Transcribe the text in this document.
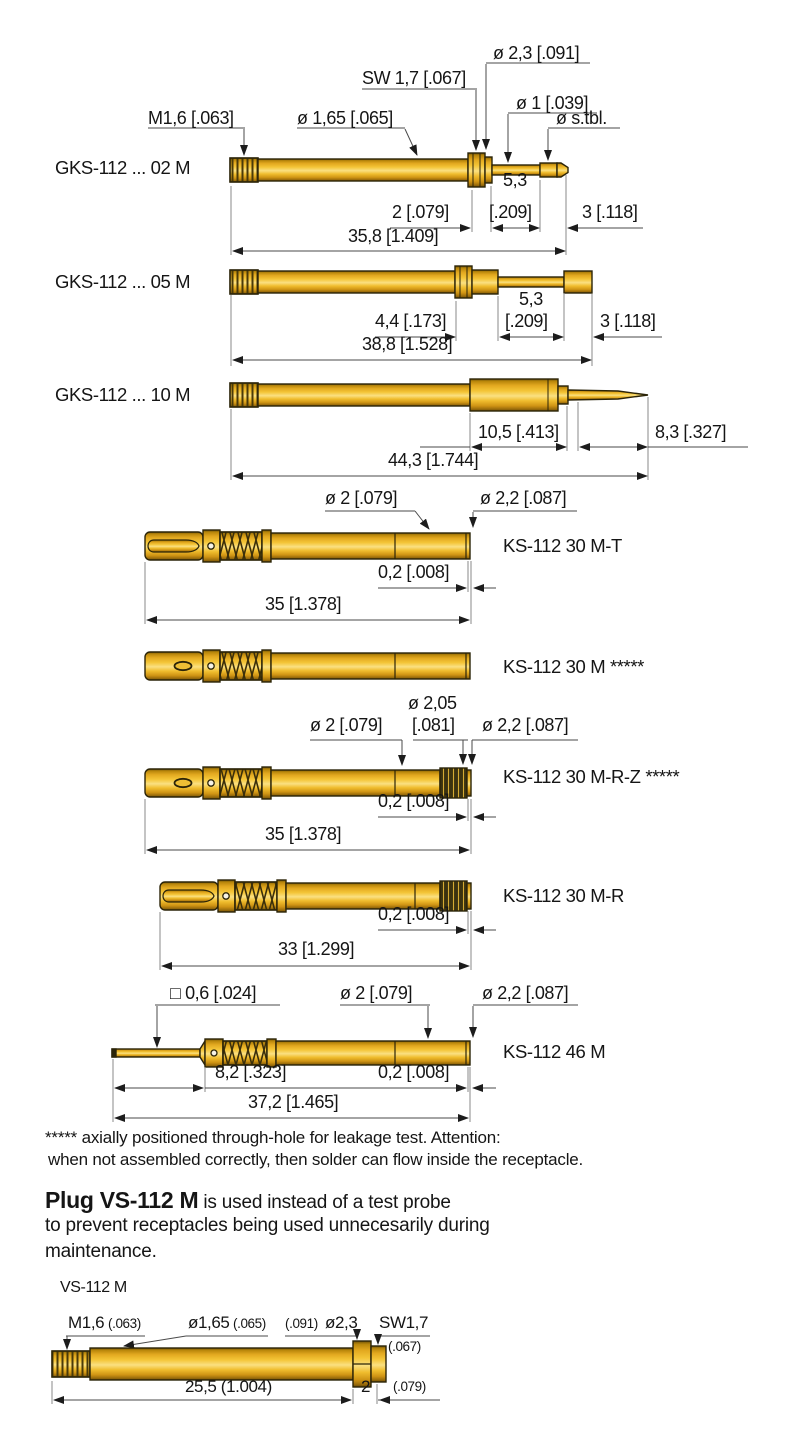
ø 2,3 [.091]
SW 1,7 [.067]
ø 1 [.039]
M1,6 [.063]	ø 1,65 [.065]	ø s.tbl.
GKS-112 ... 02 M
5,3
2 [.079] [.209]	3 [.118]
35,8 [1.409]
GKS-112 ... 05 M
5,3
4,4 [.173]	[.209]	3 [.118]
38,8 [1.528]
GKS-112 ... 10 M
10,5 [.413]	8,3 [.327]
44,3 [1.744]
ø 2 [.079]	ø 2,2 [.087]
KS-112 30 M-T
0,2 [.008]
35 [1.378]
KS-112 30 M *****
ø 2,05
ø 2 [.079] [.081] ø 2,2 [.087]
KS-112 30 M-R-Z *****
0,2 [.008]
35 [1.378]
KS-112 30 M-R
0,2 [.008]
33 [1.299]
□ 0,6 [.024]	ø 2 [.079]	ø 2,2 [.087]
KS-112 46 M
8,2 [.323]	0,2 [.008]
37,2 [1.465]
***** axially positioned through-hole for leakage test. Attention:
when not assembled correctly, then solder can flow inside the receptacle.
Plug VS-112 M is used instead of a test probe
to prevent receptacles being used unnecesarily during
maintenance.
VS-112 M
M1,6 (.063)	ø1,65 (.065) (.091) ø2,3 SW1,7
(.067)
25,5 (1.004)	2 (.079)
